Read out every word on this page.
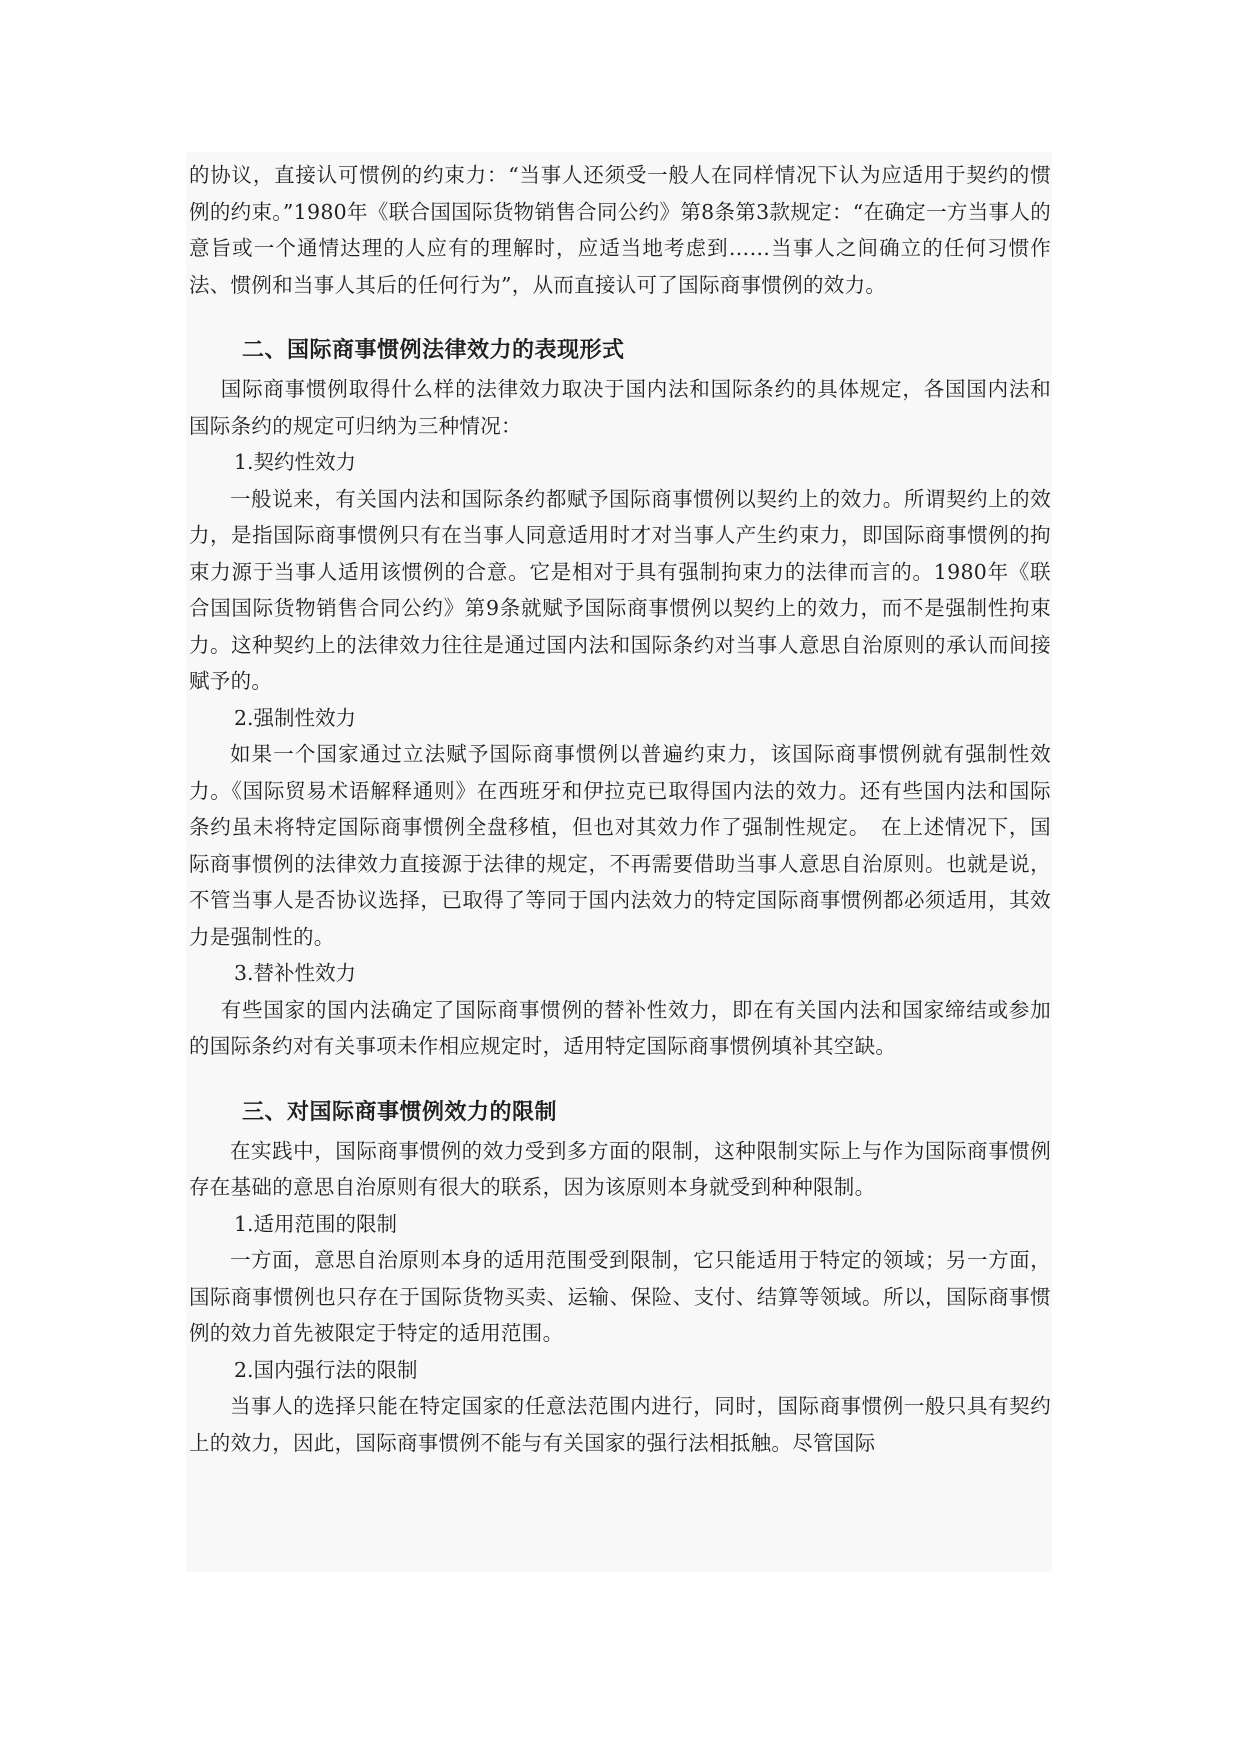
的协议，直接认可惯例的约束力：“当事人还须受一般人在同样情况下认为应适用于契约的惯例的约束。”1980年《联合国国际货物销售合同公约》第8条第3款规定：“在确定一方当事人的意旨或一个通情达理的人应有的理解时，应适当地考虑到……当事人之间确立的任何习惯作法、惯例和当事人其后的任何行为”，从而直接认可了国际商事惯例的效力。

二、国际商事惯例法律效力的表现形式

国际商事惯例取得什么样的法律效力取决于国内法和国际条约的具体规定，各国国内法和国际条约的规定可归纳为三种情况：

1.契约性效力

一般说来，有关国内法和国际条约都赋予国际商事惯例以契约上的效力。所谓契约上的效力，是指国际商事惯例只有在当事人同意适用时才对当事人产生约束力，即国际商事惯例的拘束力源于当事人适用该惯例的合意。它是相对于具有强制拘束力的法律而言的。1980年《联合国国际货物销售合同公约》第9条就赋予国际商事惯例以契约上的效力，而不是强制性拘束力。这种契约上的法律效力往往是通过国内法和国际条约对当事人意思自治原则的承认而间接赋予的。

2.强制性效力

如果一个国家通过立法赋予国际商事惯例以普遍约束力，该国际商事惯例就有强制性效力。《国际贸易术语解释通则》在西班牙和伊拉克已取得国内法的效力。还有些国内法和国际条约虽未将特定国际商事惯例全盘移植，但也对其效力作了强制性规定。　在上述情况下，国际商事惯例的法律效力直接源于法律的规定，不再需要借助当事人意思自治原则。也就是说，不管当事人是否协议选择，已取得了等同于国内法效力的特定国际商事惯例都必须适用，其效力是强制性的。

3.替补性效力

有些国家的国内法确定了国际商事惯例的替补性效力，即在有关国内法和国家缔结或参加的国际条约对有关事项未作相应规定时，适用特定国际商事惯例填补其空缺。

三、对国际商事惯例效力的限制

在实践中，国际商事惯例的效力受到多方面的限制，这种限制实际上与作为国际商事惯例存在基础的意思自治原则有很大的联系，因为该原则本身就受到种种限制。

1.适用范围的限制

一方面，意思自治原则本身的适用范围受到限制，它只能适用于特定的领域；另一方面，国际商事惯例也只存在于国际货物买卖、运输、保险、支付、结算等领域。所以，国际商事惯例的效力首先被限定于特定的适用范围。

2.国内强行法的限制

当事人的选择只能在特定国家的任意法范围内进行，同时，国际商事惯例一般只具有契约上的效力，因此，国际商事惯例不能与有关国家的强行法相抵触。尽管国际
